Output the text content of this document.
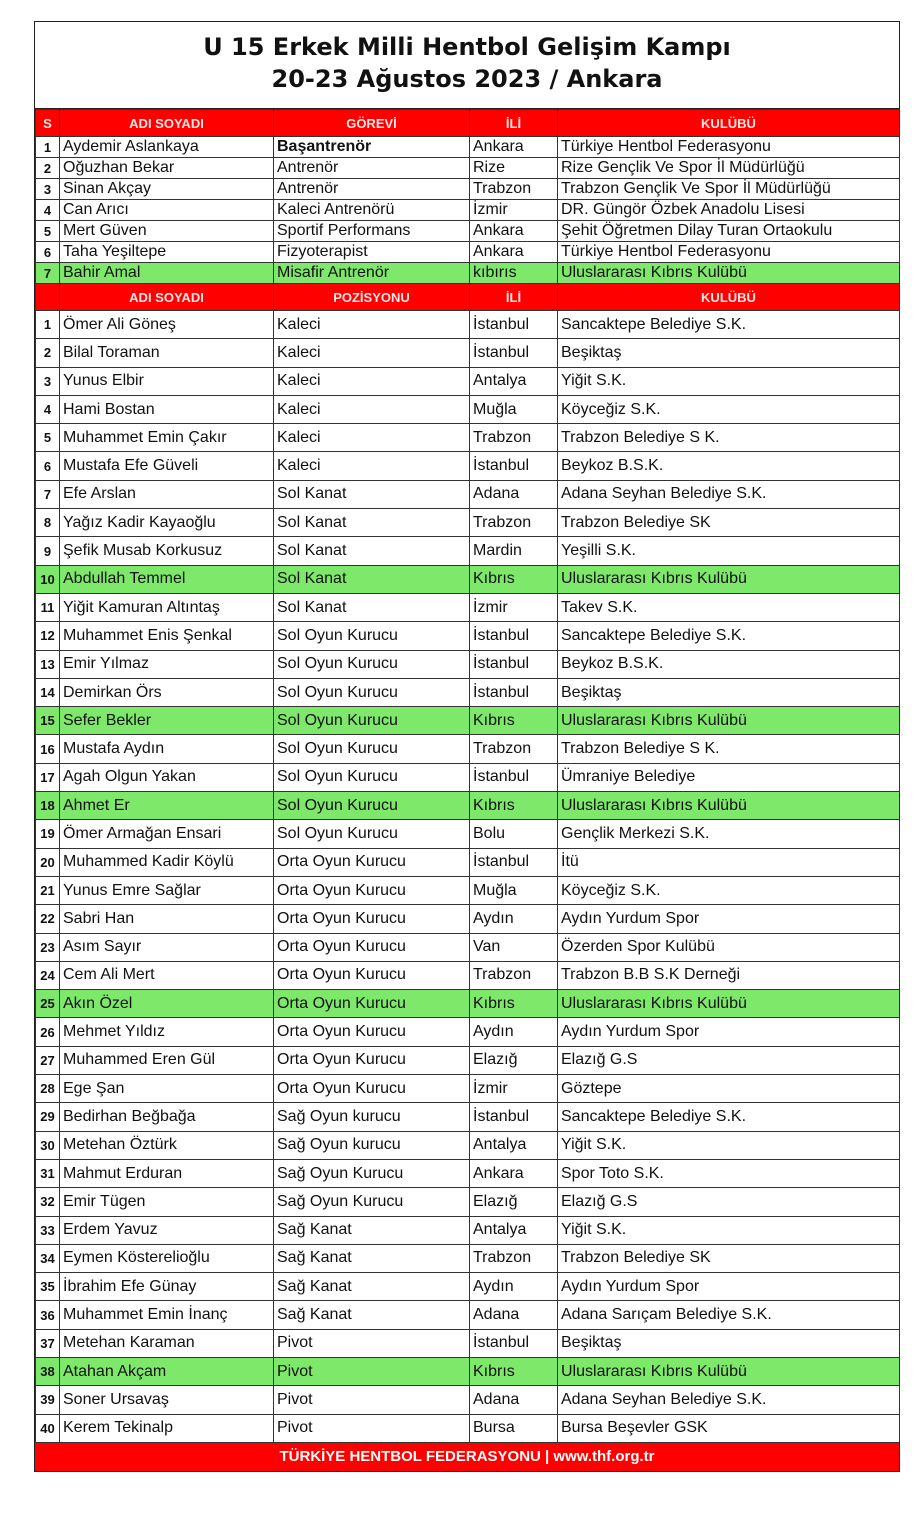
U 15 Erkek Milli Hentbol Gelişim Kampı
20-23 Ağustos 2023 / Ankara
S	ADI SOYADI	GÖREVİ	İLİ	KULÜBÜ
1	Aydemir Aslankaya	Başantrenör	Ankara	Türkiye Hentbol Federasyonu
2	Oğuzhan Bekar	Antrenör	Rize	Rize Gençlik Ve Spor İl Müdürlüğü
3	Sinan Akçay	Antrenör	Trabzon	Trabzon Gençlik Ve Spor İl Müdürlüğü
4	Can Arıcı	Kaleci Antrenörü	İzmir	DR. Güngör Özbek Anadolu Lisesi
5	Mert Güven	Sportif Performans	Ankara	Şehit Öğretmen Dilay Turan Ortaokulu
6	Taha Yeşiltepe	Fizyoterapist	Ankara	Türkiye Hentbol Federasyonu
7	Bahir Amal	Misafir Antrenör	kıbırıs	Uluslararası Kıbrıs Kulübü
	ADI SOYADI	POZİSYONU	İLİ	KULÜBÜ
1	Ömer Ali Göneş	Kaleci	İstanbul	Sancaktepe Belediye S.K.
2	Bilal Toraman	Kaleci	İstanbul	Beşiktaş
3	Yunus Elbir	Kaleci	Antalya	Yiğit S.K.
4	Hami Bostan	Kaleci	Muğla	Köyceğiz S.K.
5	Muhammet Emin Çakır	Kaleci	Trabzon	Trabzon Belediye S K.
6	Mustafa Efe Güveli	Kaleci	İstanbul	Beykoz B.S.K.
7	Efe Arslan	Sol Kanat	Adana	Adana Seyhan Belediye S.K.
8	Yağız Kadir Kayaoğlu	Sol Kanat	Trabzon	Trabzon Belediye SK
9	Şefik Musab Korkusuz	Sol Kanat	Mardin	Yeşilli S.K.
10	Abdullah Temmel	Sol Kanat	Kıbrıs	Uluslararası Kıbrıs Kulübü
11	Yiğit Kamuran Altıntaş	Sol Kanat	İzmir	Takev S.K.
12	Muhammet Enis Şenkal	Sol Oyun Kurucu	İstanbul	Sancaktepe Belediye S.K.
13	Emir Yılmaz	Sol Oyun Kurucu	İstanbul	Beykoz B.S.K.
14	Demirkan Örs	Sol Oyun Kurucu	İstanbul	Beşiktaş
15	Sefer Bekler	Sol Oyun Kurucu	Kıbrıs	Uluslararası Kıbrıs Kulübü
16	Mustafa Aydın	Sol Oyun Kurucu	Trabzon	Trabzon Belediye S K.
17	Agah Olgun Yakan	Sol Oyun Kurucu	İstanbul	Ümraniye Belediye
18	Ahmet Er	Sol Oyun Kurucu	Kıbrıs	Uluslararası Kıbrıs Kulübü
19	Ömer Armağan Ensari	Sol Oyun Kurucu	Bolu	Gençlik Merkezi S.K.
20	Muhammed Kadir Köylü	Orta Oyun Kurucu	İstanbul	İtü
21	Yunus Emre Sağlar	Orta Oyun Kurucu	Muğla	Köyceğiz S.K.
22	Sabri Han	Orta Oyun Kurucu	Aydın	Aydın Yurdum Spor
23	Asım Sayır	Orta Oyun Kurucu	Van	Özerden Spor Kulübü
24	Cem Ali Mert	Orta Oyun Kurucu	Trabzon	Trabzon B.B S.K Derneği
25	Akın Özel	Orta Oyun Kurucu	Kıbrıs	Uluslararası Kıbrıs Kulübü
26	Mehmet Yıldız	Orta Oyun Kurucu	Aydın	Aydın Yurdum Spor
27	Muhammed Eren Gül	Orta Oyun Kurucu	Elazığ	Elazığ G.S
28	Ege Şan	Orta Oyun Kurucu	İzmir	Göztepe
29	Bedirhan Beğbağa	Sağ Oyun kurucu	İstanbul	Sancaktepe Belediye S.K.
30	Metehan Öztürk	Sağ Oyun kurucu	Antalya	Yiğit S.K.
31	Mahmut Erduran	Sağ Oyun Kurucu	Ankara	Spor Toto S.K.
32	Emir Tügen	Sağ Oyun Kurucu	Elazığ	Elazığ G.S
33	Erdem Yavuz	Sağ Kanat	Antalya	Yiğit S.K.
34	Eymen Kösterelioğlu	Sağ Kanat	Trabzon	Trabzon Belediye SK
35	İbrahim Efe Günay	Sağ Kanat	Aydın	Aydın Yurdum Spor
36	Muhammet Emin İnanç	Sağ Kanat	Adana	Adana Sarıçam Belediye S.K.
37	Metehan Karaman	Pivot	İstanbul	Beşiktaş
38	Atahan Akçam	Pivot	Kıbrıs	Uluslararası Kıbrıs Kulübü
39	Soner Ursavaş	Pivot	Adana	Adana Seyhan Belediye S.K.
40	Kerem Tekinalp	Pivot	Bursa	Bursa Beşevler GSK
TÜRKİYE HENTBOL FEDERASYONU | www.thf.org.tr
